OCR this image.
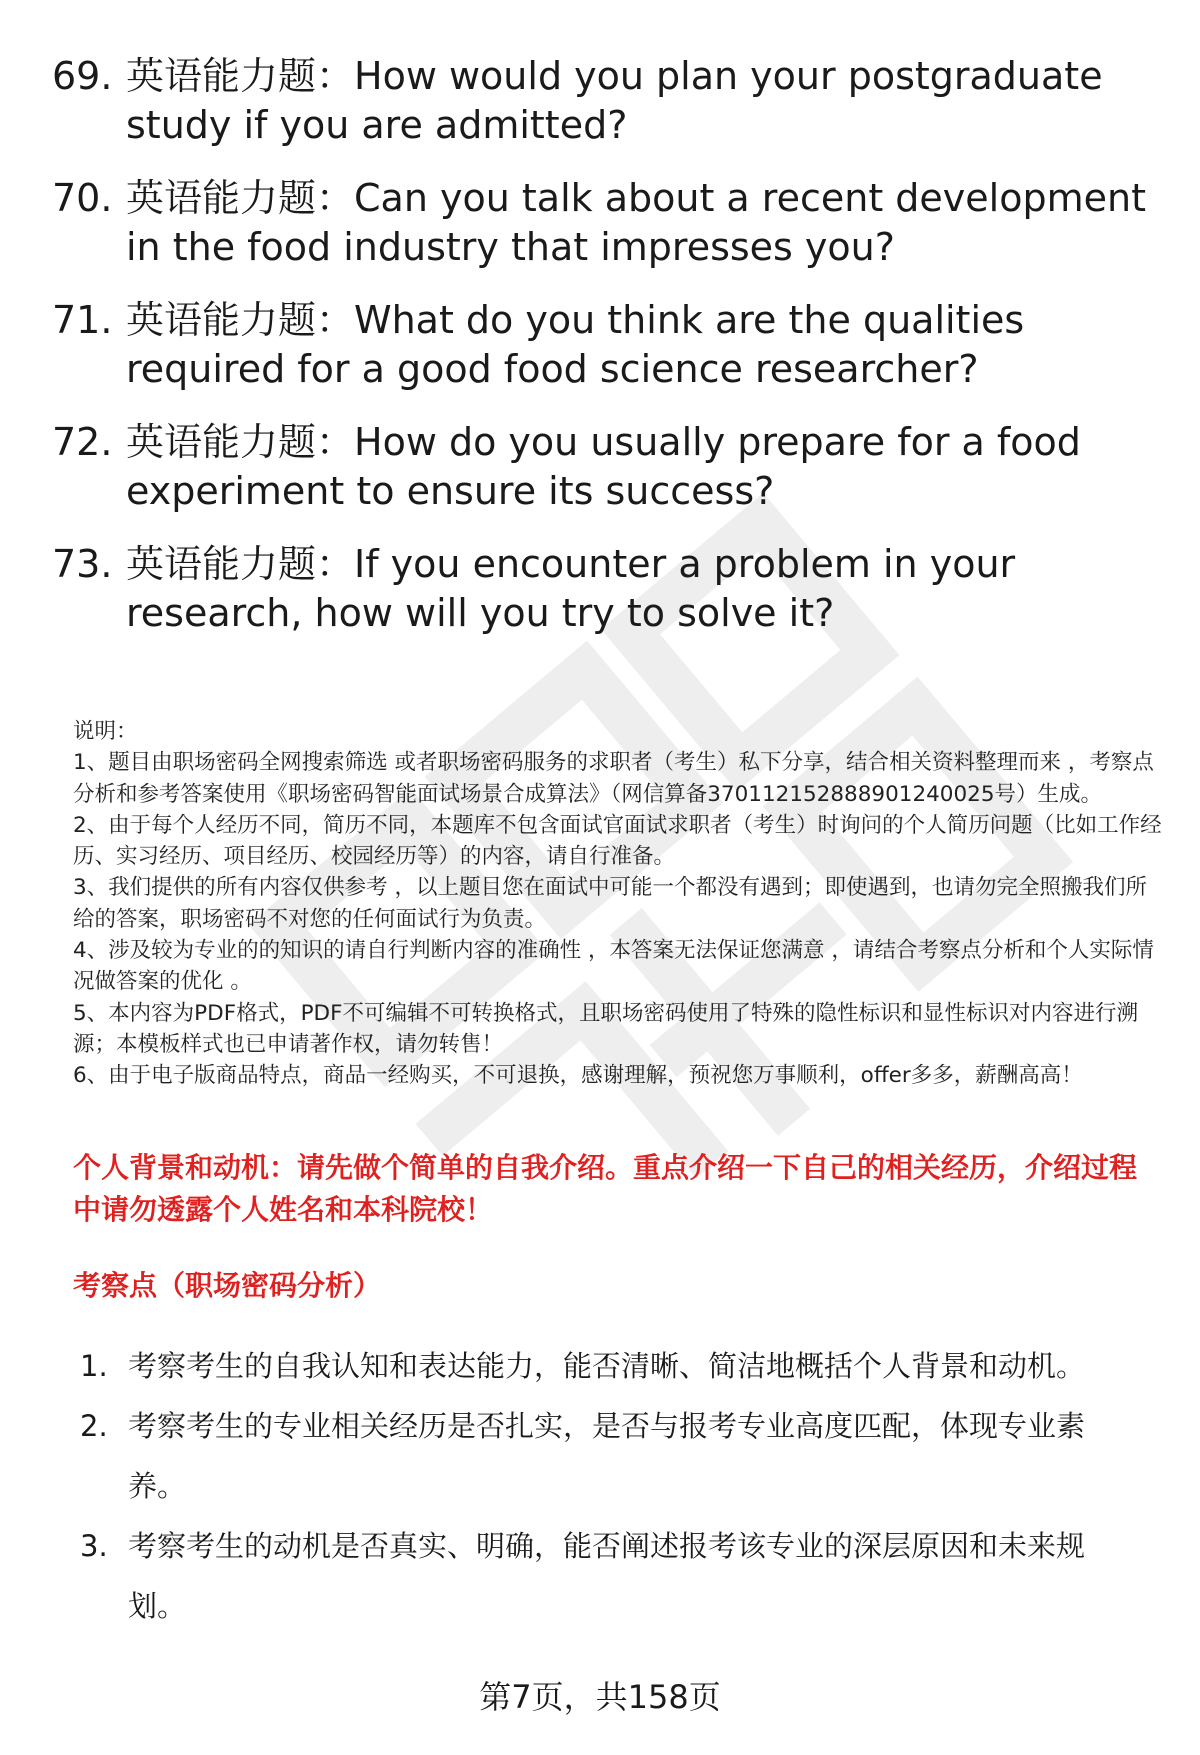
69. 英语能力题：How would you plan your postgraduate study if you are admitted?
70. 英语能力题：Can you talk about a recent development in the food industry that impresses you?
71. 英语能力题：What do you think are the qualities required for a good food science researcher?
72. 英语能力题：How do you usually prepare for a food experiment to ensure its success?
73. 英语能力题：If you encounter a problem in your research, how will you try to solve it?

说明：

1、题目由职场密码全网搜索筛选 或者职场密码服务的求职者（考生）私下分享，结合相关资料整理而来 ，考察点分析和参考答案使用《职场密码智能面试场景合成算法》（网信算备370112152888901240025号）生成。

2、由于每个人经历不同，简历不同，本题库不包含面试官面试求职者（考生）时询问的个人简历问题（比如工作经历、实习经历、项目经历、校园经历等）的内容，请自行准备。

3、我们提供的所有内容仅供参考 ，以上题目您在面试中可能一个都没有遇到；即使遇到，也请勿完全照搬我们所给的答案，职场密码不对您的任何面试行为负责。

4、涉及较为专业的的知识的请自行判断内容的准确性 ，本答案无法保证您满意 ，请结合考察点分析和个人实际情况做答案的优化 。

5、本内容为PDF格式，PDF不可编辑不可转换格式，且职场密码使用了特殊的隐性标识和显性标识对内容进行溯源；本模板样式也已申请著作权，请勿转售！

6、由于电子版商品特点，商品一经购买，不可退换，感谢理解，预祝您万事顺利，offer多多，薪酬高高！

个人背景和动机：请先做个简单的自我介绍。重点介绍一下自己的相关经历，介绍过程中请勿透露个人姓名和本科院校！

考察点（职场密码分析）

1. 考察考生的自我认知和表达能力，能否清晰、简洁地概括个人背景和动机。
2. 考察考生的专业相关经历是否扎实，是否与报考专业高度匹配，体现专业素养。
3. 考察考生的动机是否真实、明确，能否阐述报考该专业的深层原因和未来规划。
第7页，共158页
